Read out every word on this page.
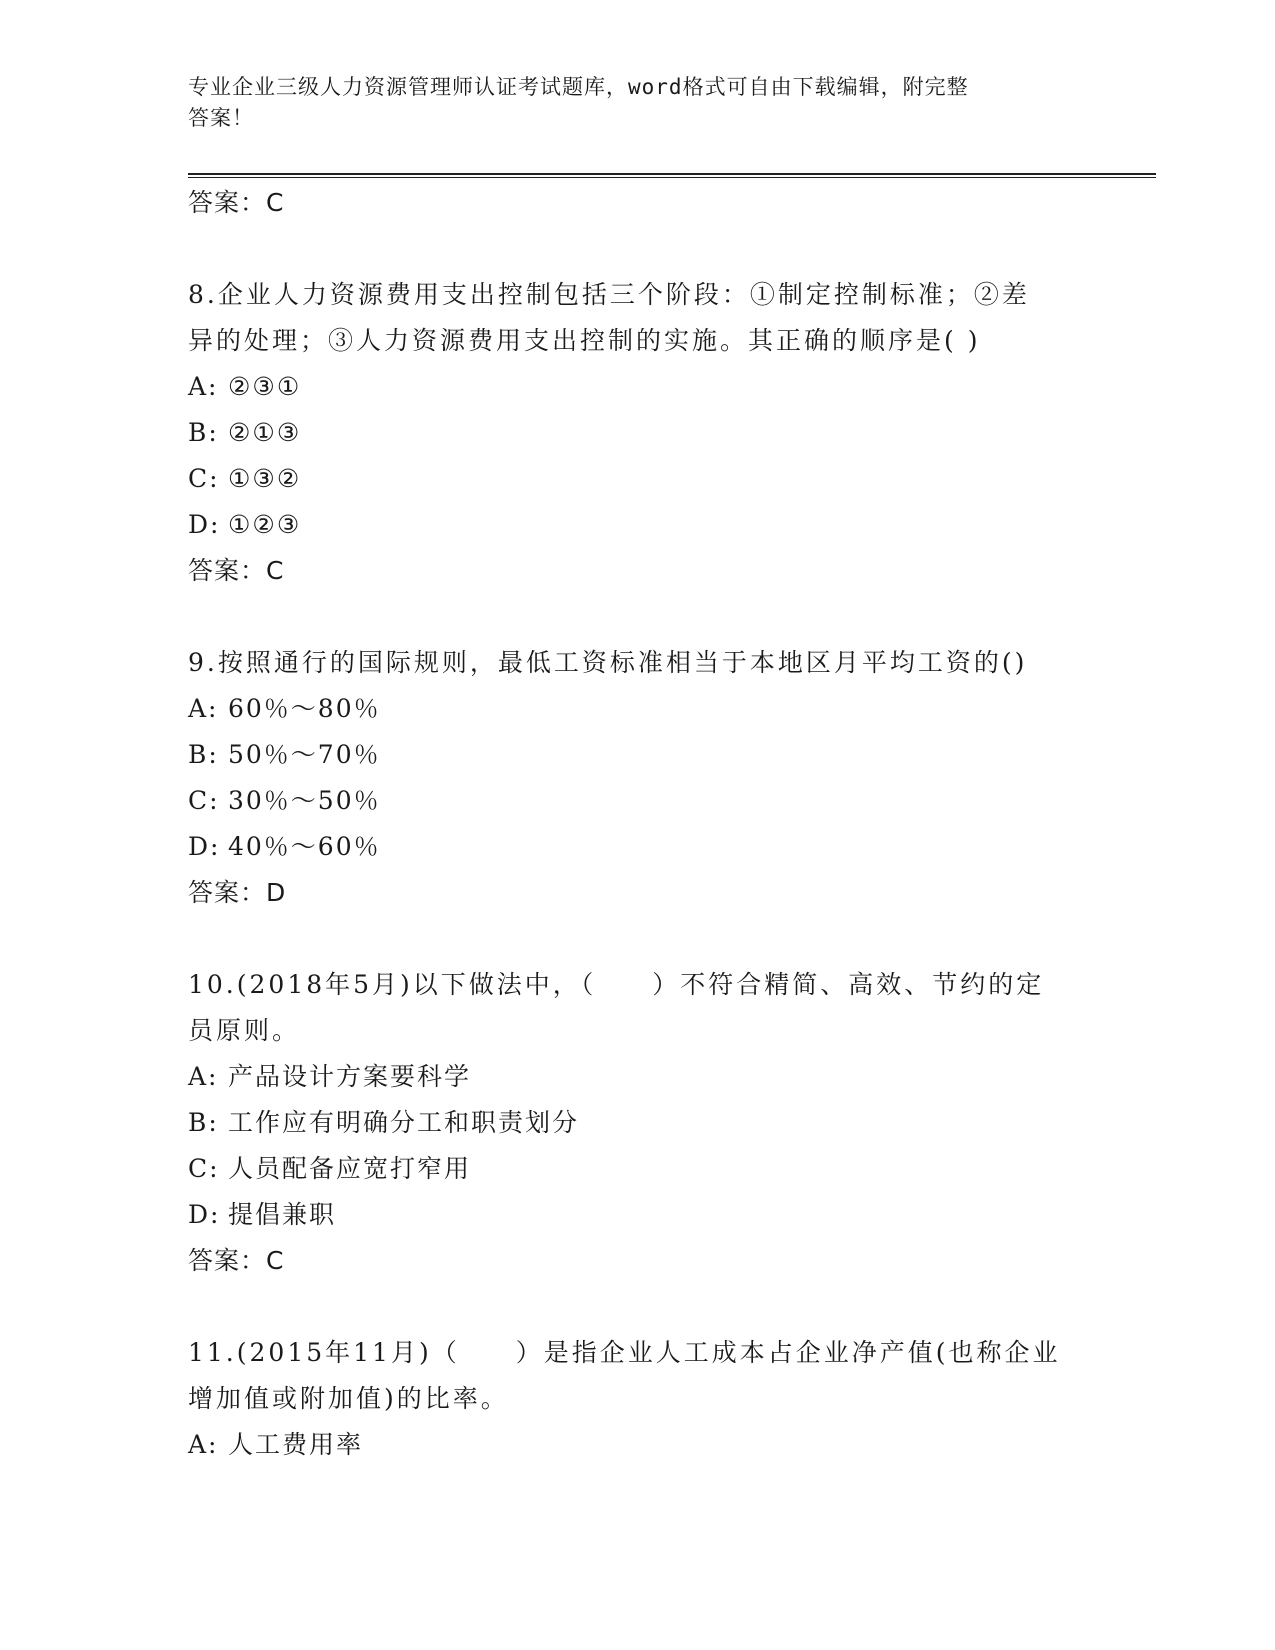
专业企业三级人力资源管理师认证考试题库，word格式可自由下载编辑，附完整

答案！

答案：C

8.企业人力资源费用支出控制包括三个阶段：①制定控制标准；②差

异的处理；③人力资源费用支出控制的实施。其正确的顺序是( )

A: ②③①

B: ②①③

C: ①③②

D: ①②③

答案：C

9.按照通行的国际规则，最低工资标准相当于本地区月平均工资的()

A: 60％～80％

B: 50％～70％

C: 30％～50％

D: 40％～60％

答案：D

10.(2018年5月)以下做法中，（　　）不符合精简、高效、节约的定

员原则。

A: 产品设计方案要科学

B: 工作应有明确分工和职责划分

C: 人员配备应宽打窄用

D: 提倡兼职

答案：C

11.(2015年11月)（　　）是指企业人工成本占企业净产值(也称企业

增加值或附加值)的比率。

A: 人工费用率
